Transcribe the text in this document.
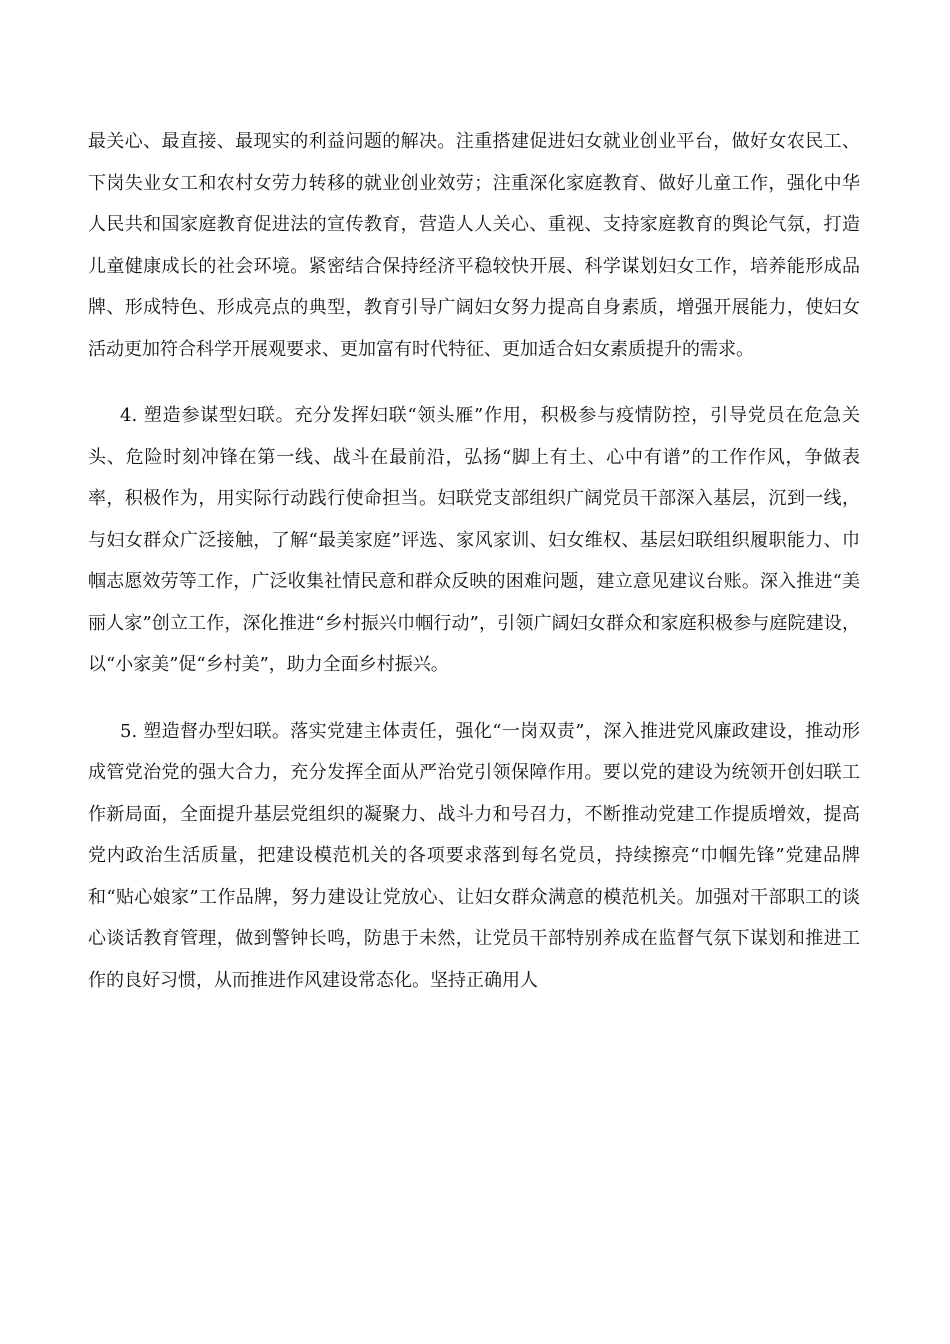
最关心、最直接、最现实的利益问题的解决。注重搭建促进妇女就业创业平台，做好女农民工、下岗失业女工和农村女劳力转移的就业创业效劳；注重深化家庭教育、做好儿童工作，强化中华人民共和国家庭教育促进法的宣传教育，营造人人关心、重视、支持家庭教育的舆论气氛，打造儿童健康成长的社会环境。紧密结合保持经济平稳较快开展、科学谋划妇女工作，培养能形成品牌、形成特色、形成亮点的典型，教育引导广阔妇女努力提高自身素质，增强开展能力，使妇女活动更加符合科学开展观要求、更加富有时代特征、更加适合妇女素质提升的需求。

4. 塑造参谋型妇联。充分发挥妇联“领头雁”作用，积极参与疫情防控，引导党员在危急关头、危险时刻冲锋在第一线、战斗在最前沿，弘扬“脚上有土、心中有谱”的工作作风，争做表率，积极作为，用实际行动践行使命担当。妇联党支部组织广阔党员干部深入基层，沉到一线，与妇女群众广泛接触，了解“最美家庭”评选、家风家训、妇女维权、基层妇联组织履职能力、巾帼志愿效劳等工作，广泛收集社情民意和群众反映的困难问题，建立意见建议台账。深入推进“美丽人家”创立工作，深化推进“乡村振兴巾帼行动”，引领广阔妇女群众和家庭积极参与庭院建设，以“小家美”促“乡村美”，助力全面乡村振兴。

5. 塑造督办型妇联。落实党建主体责任，强化“一岗双责”，深入推进党风廉政建设，推动形成管党治党的强大合力，充分发挥全面从严治党引领保障作用。要以党的建设为统领开创妇联工作新局面，全面提升基层党组织的凝聚力、战斗力和号召力，不断推动党建工作提质增效，提高党内政治生活质量，把建设模范机关的各项要求落到每名党员，持续擦亮“巾帼先锋”党建品牌和“贴心娘家”工作品牌，努力建设让党放心、让妇女群众满意的模范机关。加强对干部职工的谈心谈话教育管理，做到警钟长鸣，防患于未然，让党员干部特别养成在监督气氛下谋划和推进工作的良好习惯，从而推进作风建设常态化。坚持正确用人
